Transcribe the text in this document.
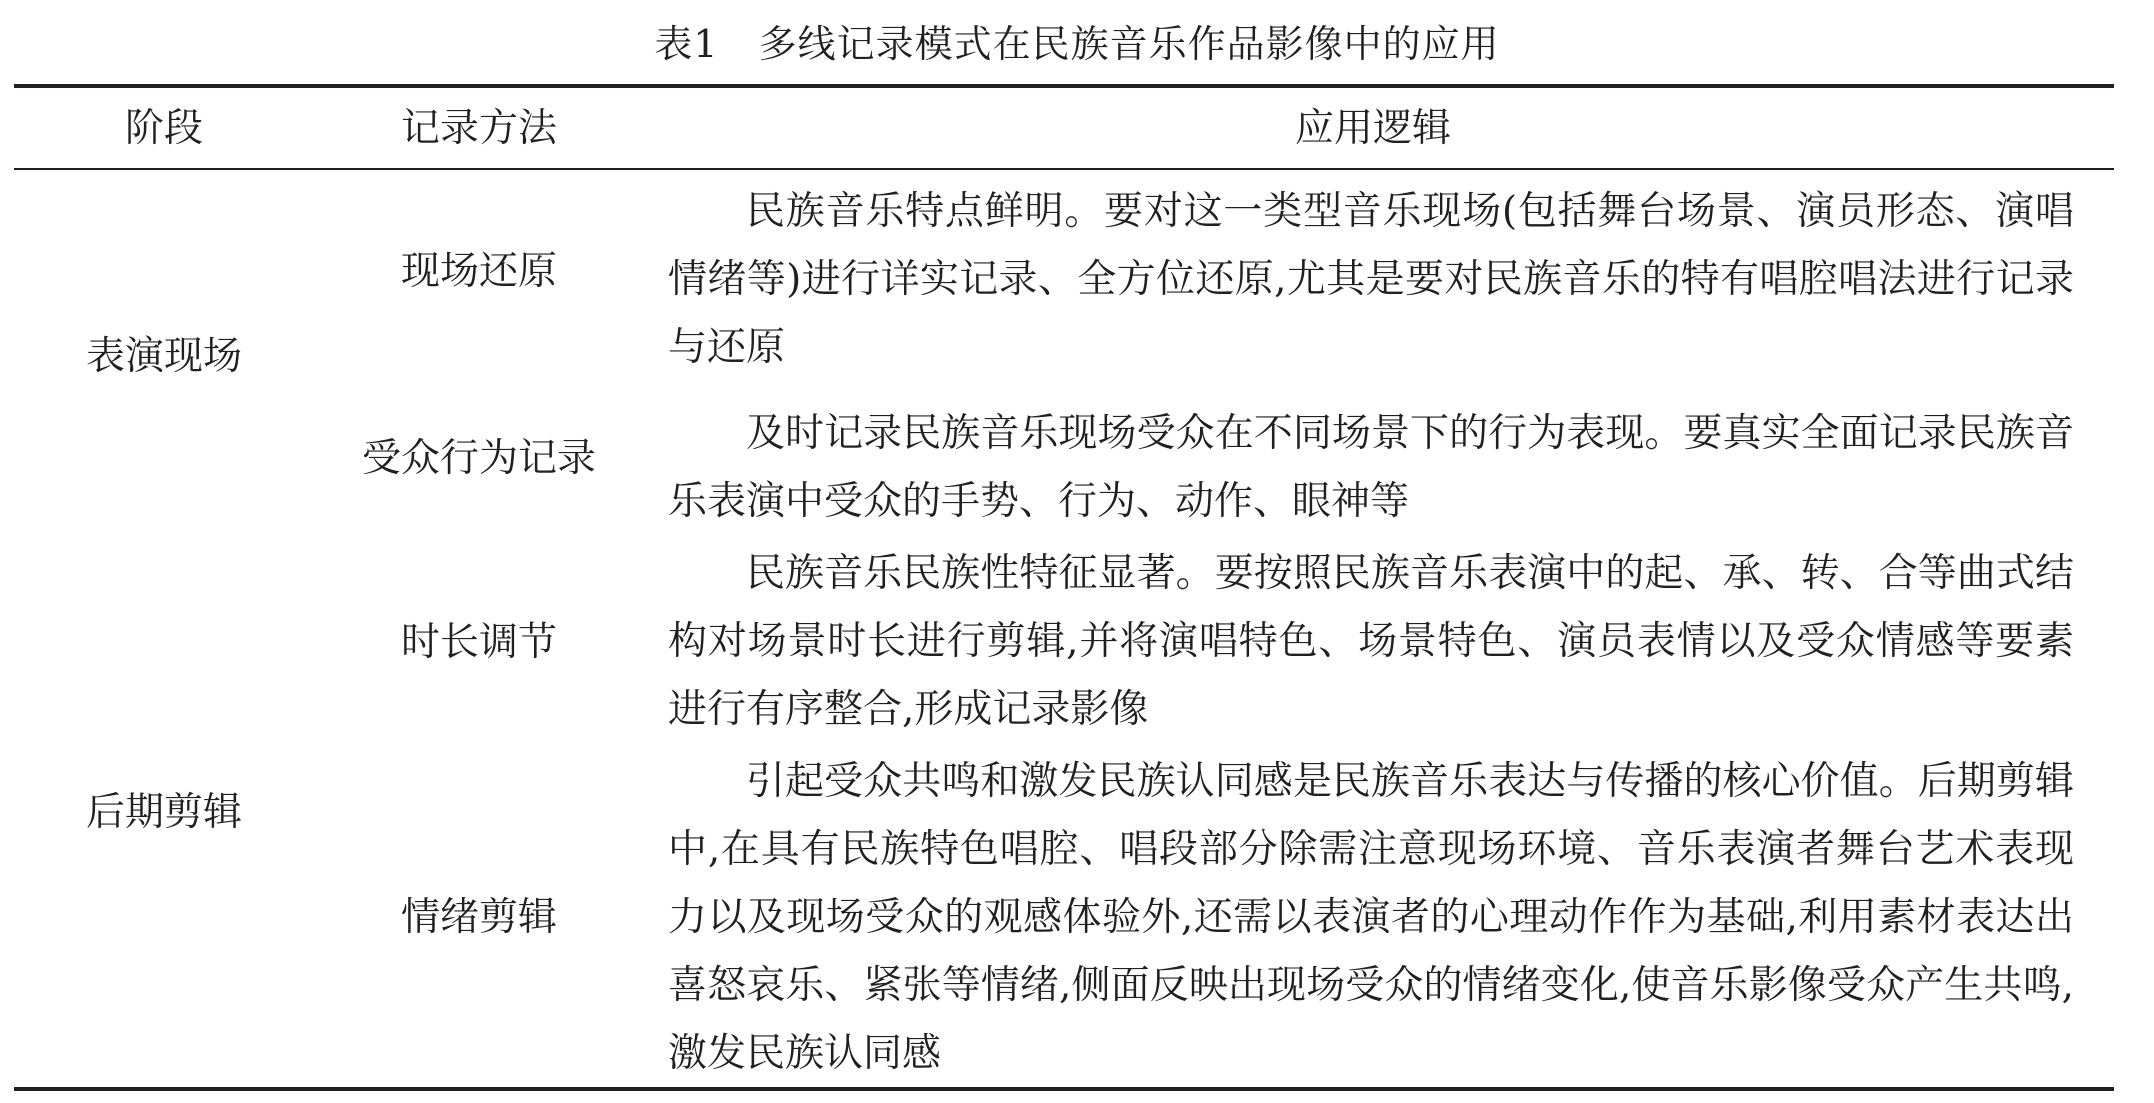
表1 多线记录模式在民族音乐作品影像中的应用
阶段	记录方法	应用逻辑
表演现场
后期剪辑
现场还原
受众行为记录
时长调节
情绪剪辑
民族音乐特点鲜明。要对这一类型音乐现场(包括舞台场景、演员形态、演唱情绪等)进行详实记录、全方位还原,尤其是要对民族音乐的特有唱腔唱法进行记录与还原
及时记录民族音乐现场受众在不同场景下的行为表现。要真实全面记录民族音乐表演中受众的手势、行为、动作、眼神等
民族音乐民族性特征显著。要按照民族音乐表演中的起、承、转、合等曲式结构对场景时长进行剪辑,并将演唱特色、场景特色、演员表情以及受众情感等要素进行有序整合,形成记录影像
引起受众共鸣和激发民族认同感是民族音乐表达与传播的核心价值。后期剪辑中,在具有民族特色唱腔、唱段部分除需注意现场环境、音乐表演者舞台艺术表现力以及现场受众的观感体验外,还需以表演者的心理动作作为基础,利用素材表达出喜怒哀乐、紧张等情绪,侧面反映出现场受众的情绪变化,使音乐影像受众产生共鸣,激发民族认同感
